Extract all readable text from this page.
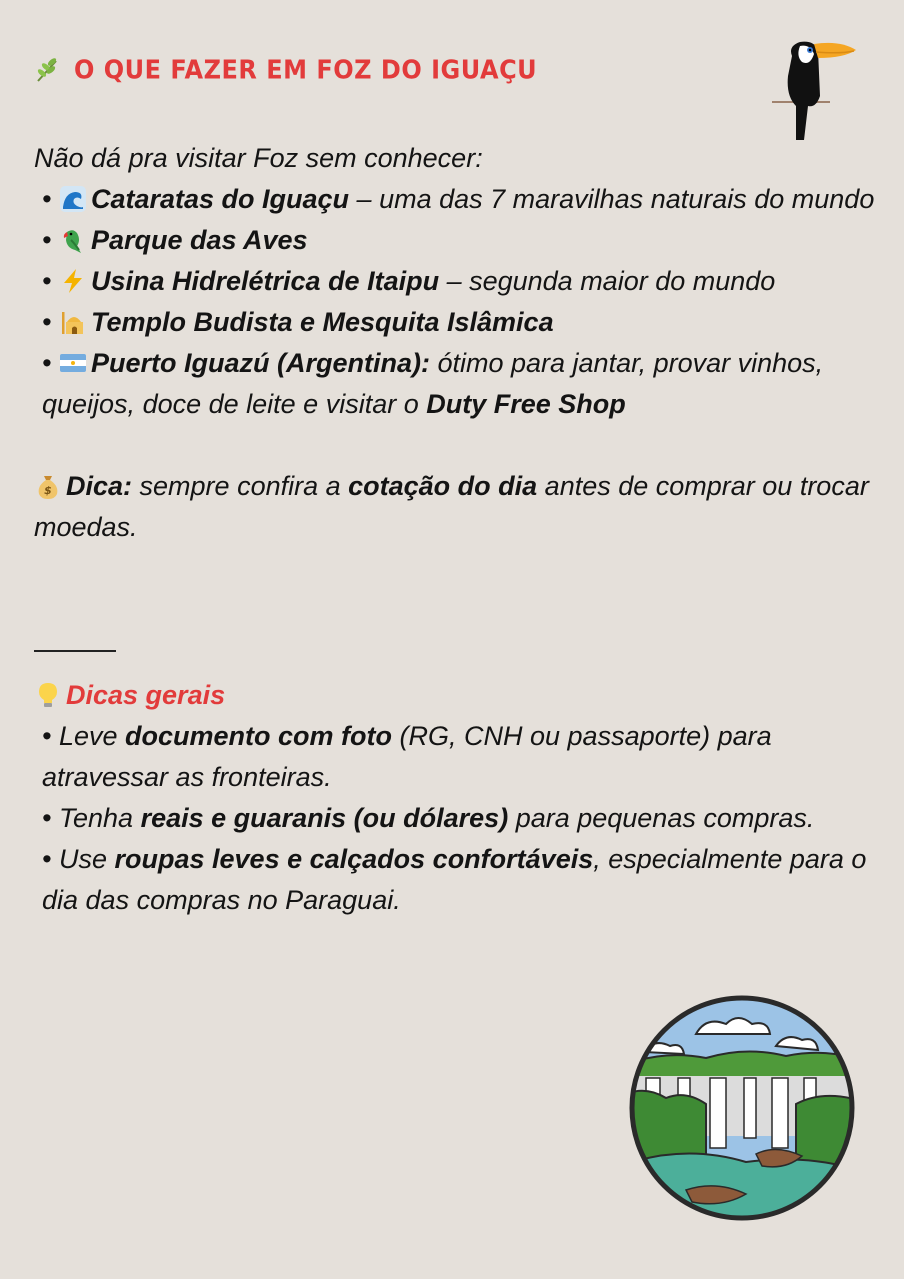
O QUE FAZER EM FOZ DO IGUAÇU
Não dá pra visitar Foz sem conhecer:
• Cataratas do Iguaçu – uma das 7 maravilhas naturais do mundo
• Parque das Aves
• Usina Hidrelétrica de Itaipu – segunda maior do mundo
• Templo Budista e Mesquita Islâmica
• Puerto Iguazú (Argentina): ótimo para jantar, provar vinhos, queijos, doce de leite e visitar o Duty Free Shop
$ Dica: sempre confira a cotação do dia antes de comprar ou trocar moedas.
Dicas gerais
• Leve documento com foto (RG, CNH ou passaporte) para atravessar as fronteiras.
• Tenha reais e guaranis (ou dólares) para pequenas compras.
• Use roupas leves e calçados confortáveis, especialmente para o dia das compras no Paraguai.
